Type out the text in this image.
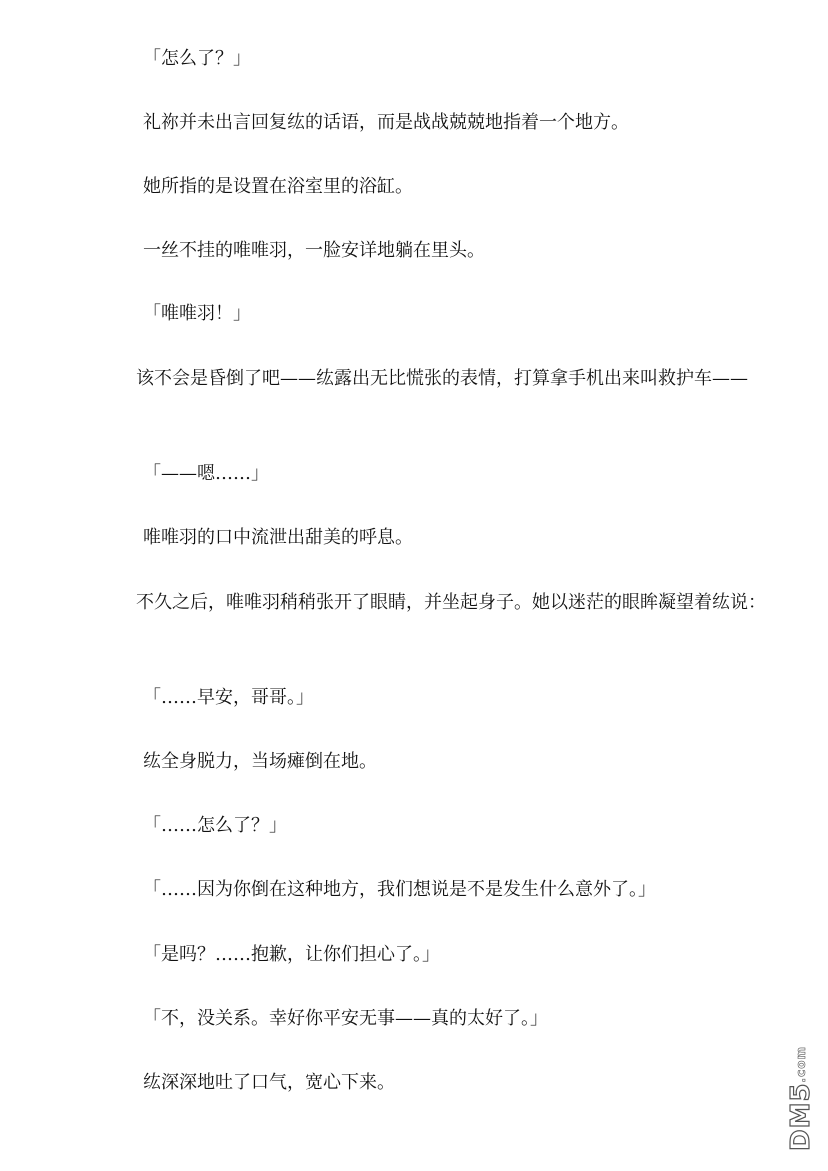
「怎么了？」

礼祢并未出言回复纮的话语，而是战战兢兢地指着一个地方。

她所指的是设置在浴室里的浴缸。

一丝不挂的唯唯羽，一脸安详地躺在里头。

「唯唯羽！」

　　该不会是昏倒了吧——纮露出无比慌张的表情，打算拿手机出来叫救护车——

「——嗯……」

唯唯羽的口中流泄出甜美的呼息。

　　不久之后，唯唯羽稍稍张开了眼睛，并坐起身子。她以迷茫的眼眸凝望着纮说：

「……早安，哥哥。」

纮全身脱力，当场瘫倒在地。

「……怎么了？」

「……因为你倒在这种地方，我们想说是不是发生什么意外了。」

「是吗？……抱歉，让你们担心了。」

「不，没关系。幸好你平安无事——真的太好了。」

纮深深地吐了口气，宽心下来。	$DM5^{.com}$
